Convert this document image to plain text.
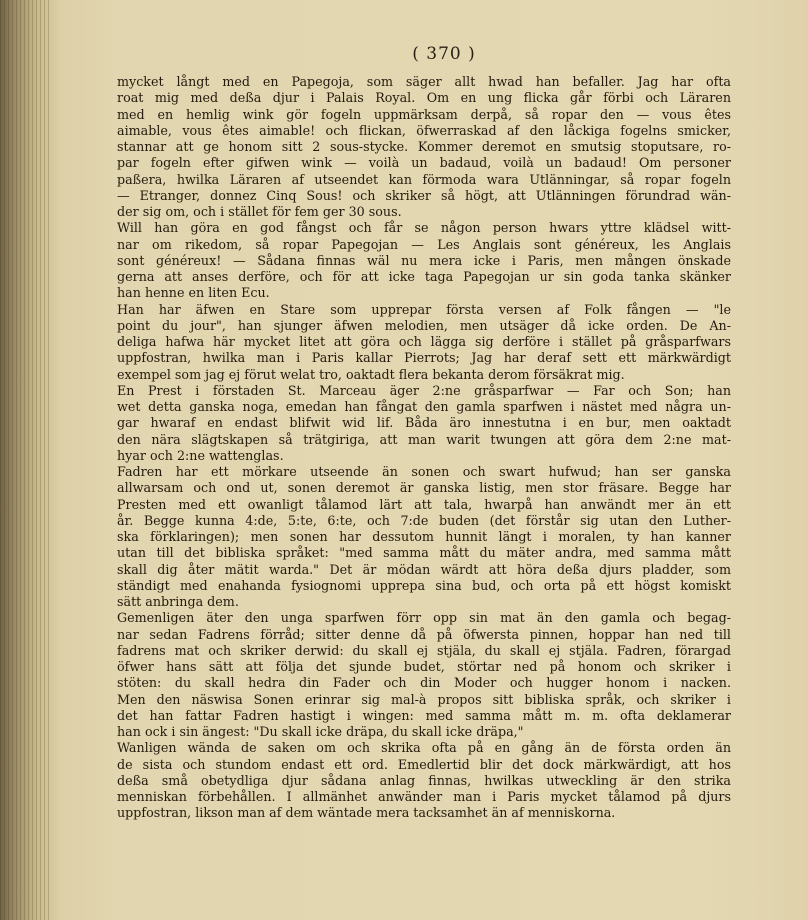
( 370 )
mycket långt med en Papegoja, som säger allt hwad han befaller. Jag har ofta
roat mig med deßa djur i Palais Royal. Om en ung flicka går förbi och Läraren
med en hemlig wink gör fogeln uppmärksam derpå, så ropar den — vous êtes
aimable, vous êtes aimable! och flickan, öfwerraskad af den låckiga fogelns smicker,
stannar att ge honom sitt 2 sous-stycke. Kommer deremot en smutsig stoputsare, ro-
par fogeln efter gifwen wink — voilà un badaud, voilà un badaud! Om personer
paßera, hwilka Läraren af utseendet kan förmoda wara Utlänningar, så ropar fogeln
— Etranger, donnez Cinq Sous! och skriker så högt, att Utlänningen förundrad wän-
der sig om, och i stället för fem ger 30 sous.
Will han göra en god fångst och får se någon person hwars yttre klädsel witt-
nar om rikedom, så ropar Papegojan — Les Anglais sont généreux, les Anglais
sont généreux! — Sådana finnas wäl nu mera icke i Paris, men mången önskade
gerna att anses derföre, och för att icke taga Papegojan ur sin goda tanka skänker
han henne en liten Ecu.
Han har äfwen en Stare som upprepar första versen af Folk fången — "le
point du jour", han sjunger äfwen melodien, men utsäger då icke orden. De An-
deliga hafwa här mycket litet att göra och lägga sig derföre i stället på gråsparfwars
uppfostran, hwilka man i Paris kallar Pierrots; Jag har deraf sett ett märkwärdigt
exempel som jag ej förut welat tro, oaktadt flera bekanta derom försäkrat mig.
En Prest i förstaden St. Marceau äger 2:ne gråsparfwar — Far och Son; han
wet detta ganska noga, emedan han fångat den gamla sparfwen i nästet med några un-
gar hwaraf en endast blifwit wid lif. Båda äro innestutna i en bur, men oaktadt
den nära slägtskapen så trätgiriga, att man warit twungen att göra dem 2:ne mat-
hyar och 2:ne wattenglas.
Fadren har ett mörkare utseende än sonen och swart hufwud; han ser ganska
allwarsam och ond ut, sonen deremot är ganska listig, men stor fräsare. Begge har
Presten med ett owanligt tålamod lärt att tala, hwarpå han anwändt mer än ett
år. Begge kunna 4:de, 5:te, 6:te, och 7:de buden (det förstår sig utan den Luther-
ska förklaringen); men sonen har dessutom hunnit längt i moralen, ty han kanner
utan till det bibliska språket: "med samma mått du mäter andra, med samma mått
skall dig åter mätit warda." Det är mödan wärdt att höra deßa djurs pladder, som
ständigt med enahanda fysiognomi upprepa sina bud, och orta på ett högst komiskt
sätt anbringa dem.
Gemenligen äter den unga sparfwen förr opp sin mat än den gamla och begag-
nar sedan Fadrens förråd; sitter denne då på öfwersta pinnen, hoppar han ned till
fadrens mat och skriker derwid: du skall ej stjäla, du skall ej stjäla. Fadren, förargad
öfwer hans sätt att följa det sjunde budet, störtar ned på honom och skriker i
stöten: du skall hedra din Fader och din Moder och hugger honom i nacken.
Men den näswisa Sonen erinrar sig mal-à propos sitt bibliska språk, och skriker i
det han fattar Fadren hastigt i wingen: med samma mått m. m. ofta deklamerar
han ock i sin ängest: "Du skall icke dräpa, du skall icke dräpa,"
Wanligen wända de saken om och skrika ofta på en gång än de första orden än
de sista och stundom endast ett ord. Emedlertid blir det dock märkwärdigt, att hos
deßa små obetydliga djur sådana anlag finnas, hwilkas utweckling är den strika
menniskan förbehållen. I allmänhet anwänder man i Paris mycket tålamod på djurs
uppfostran, likson man af dem wäntade mera tacksamhet än af menniskorna.
